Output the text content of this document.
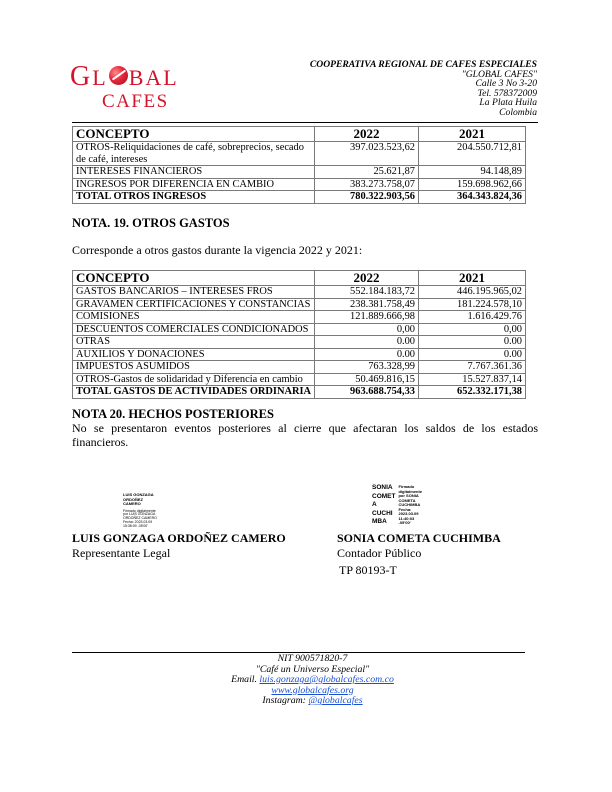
GL BAL
CAFES
COOPERATIVA REGIONAL DE CAFES ESPECIALES
"GLOBAL CAFES"
Calle 3 No 3-20
Tel. 578372009
La Plata Huila
Colombia
CONCEPTO	2022	2021
OTROS-Reliquidaciones de café, sobreprecios, secado de café, intereses	397.023.523,62	204.550.712,81
INTERESES FINANCIEROS	25.621,87	94.148,89
INGRESOS POR DIFERENCIA EN CAMBIO	383.273.758,07	159.698.962,66
TOTAL OTROS INGRESOS	780.322.903,56	364.343.824,36
NOTA. 19. OTROS GASTOS
Corresponde a otros gastos durante la vigencia 2022 y 2021:
CONCEPTO	2022	2021
GASTOS BANCARIOS – INTERESES FROS	552.184.183,72	446.195.965,02
GRAVAMEN CERTIFICACIONES Y CONSTANCIAS	238.381.758,49	181.224.578,10
COMISIONES	121.889.666,98	1.616.429.76
DESCUENTOS COMERCIALES CONDICIONADOS	0,00	0,00
OTRAS	0.00	0.00
AUXILIOS Y DONACIONES	0.00	0.00
IMPUESTOS ASUMIDOS	763.328,99	7.767.361.36
OTROS-Gastos de solidaridad y Diferencia en cambio	50.469.816,15	15.527.837,14
TOTAL GASTOS DE ACTIVIDADES ORDINARIA	963.688.754,33	652.332.171,38
NOTA 20. HECHOS POSTERIORES
No se presentaron eventos posteriores al cierre que afectaran los saldos de los estados financieros.
LUIS GONZAGA
ORDOÑEZ
CAMERO
Firmado digitalmente
por LUIS GONZAGA
ORDOÑEZ CAMERO
Fecha: 2023.03.09
15:38:09 -05'00'
SONIA
COMET
A
CUCHI
MBA
Firmado
digitalmente
por SONIA
COMETA
CUCHIMBA
Fecha:
2023.03.09
11:40:03
-05'00'
LUIS GONZAGA ORDOÑEZ CAMERO
Representante Legal
SONIA COMETA CUCHIMBA
Contador Público
TP 80193-T
NIT 900571820-7
"Café un Universo Especial"
Email. luis.gonzaga@globalcafes.com.co
www.globalcafes.org
Instagram: @globalcafes
